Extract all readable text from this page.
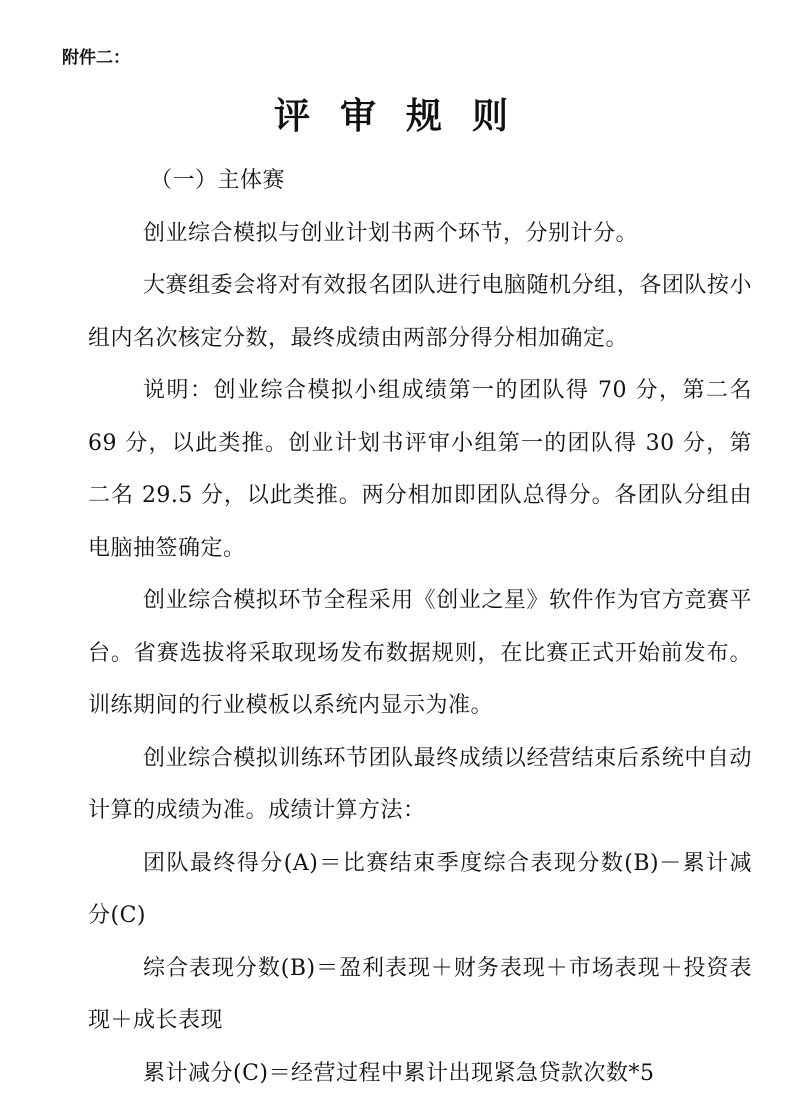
附件二：
评审规则

（一）主体赛

创业综合模拟与创业计划书两个环节，分别计分。

大赛组委会将对有效报名团队进行电脑随机分组，各团队按小组内名次核定分数，最终成绩由两部分得分相加确定。

说明：创业综合模拟小组成绩第一的团队得 70 分，第二名 69 分，以此类推。创业计划书评审小组第一的团队得 30 分，第二名 29.5 分，以此类推。两分相加即团队总得分。各团队分组由电脑抽签确定。

创业综合模拟环节全程采用《创业之星》软件作为官方竞赛平台。省赛选拔将采取现场发布数据规则，在比赛正式开始前发布。训练期间的行业模板以系统内显示为准。

创业综合模拟训练环节团队最终成绩以经营结束后系统中自动计算的成绩为准。成绩计算方法：

团队最终得分(A)＝比赛结束季度综合表现分数(B)－累计减分(C)

综合表现分数(B)＝盈利表现＋财务表现＋市场表现＋投资表现＋成长表现

累计减分(C)＝经营过程中累计出现紧急贷款次数*5
